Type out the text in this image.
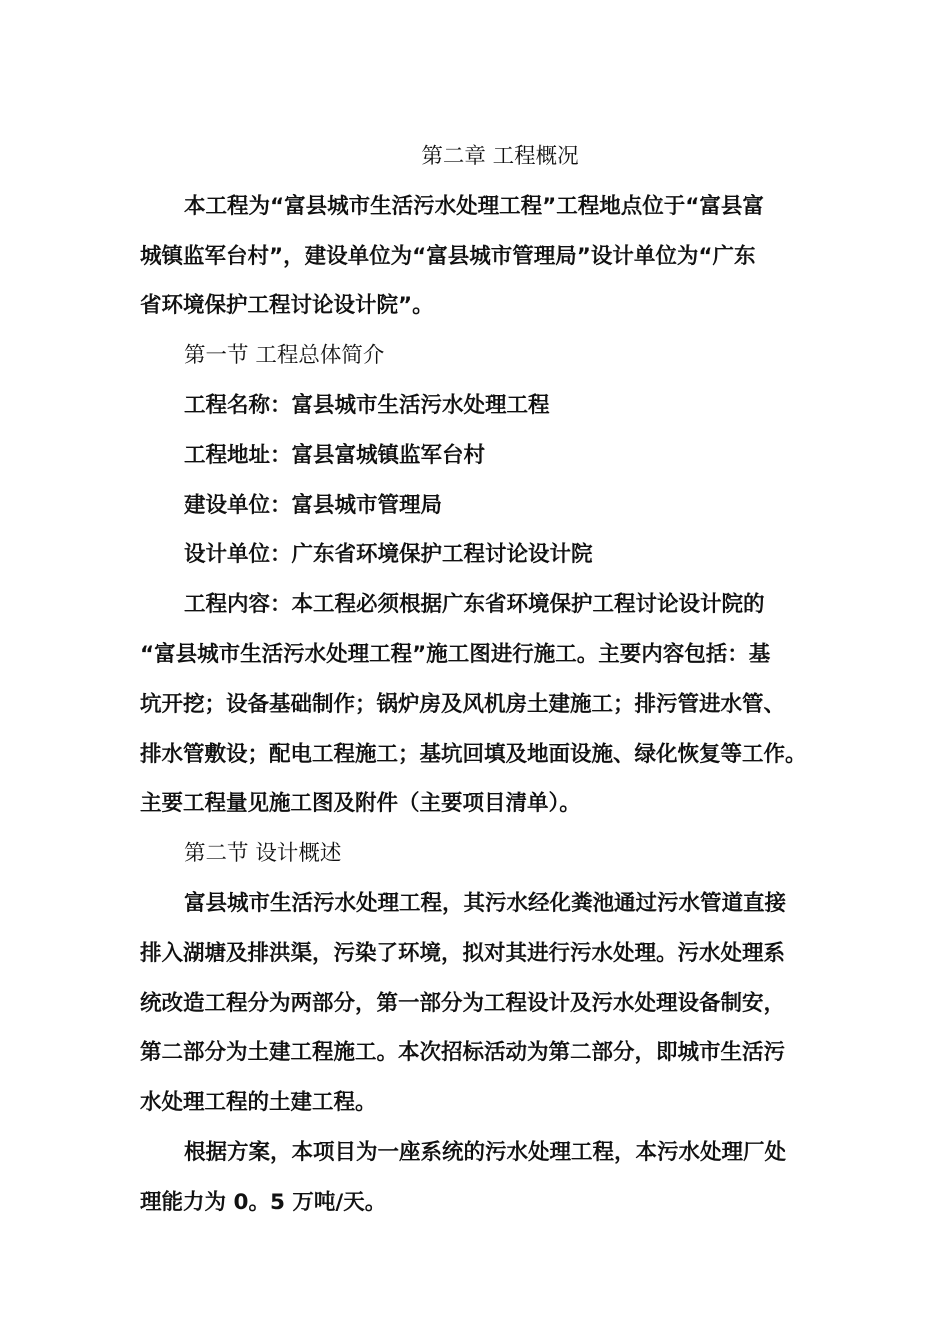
第二章 工程概况

本工程为“富县城市生活污水处理工程”工程地点位于“富县富
城镇监军台村”，建设单位为“富县城市管理局”设计单位为“广东
省环境保护工程讨论设计院”。

第一节 工程总体简介

工程名称：富县城市生活污水处理工程

工程地址：富县富城镇监军台村

建设单位：富县城市管理局

设计单位：广东省环境保护工程讨论设计院

工程内容：本工程必须根据广东省环境保护工程讨论设计院的
“富县城市生活污水处理工程”施工图进行施工。主要内容包括：基
坑开挖；设备基础制作；锅炉房及风机房土建施工；排污管进水管、
排水管敷设；配电工程施工；基坑回填及地面设施、绿化恢复等工作。
主要工程量见施工图及附件（主要项目清单）。

第二节 设计概述

富县城市生活污水处理工程，其污水经化粪池通过污水管道直接
排入湖塘及排洪渠，污染了环境，拟对其进行污水处理。污水处理系
统改造工程分为两部分，第一部分为工程设计及污水处理设备制安，
第二部分为土建工程施工。本次招标活动为第二部分，即城市生活污
水处理工程的土建工程。
根据方案，本项目为一座系统的污水处理工程，本污水处理厂处
理能力为 0。5 万吨/天。
